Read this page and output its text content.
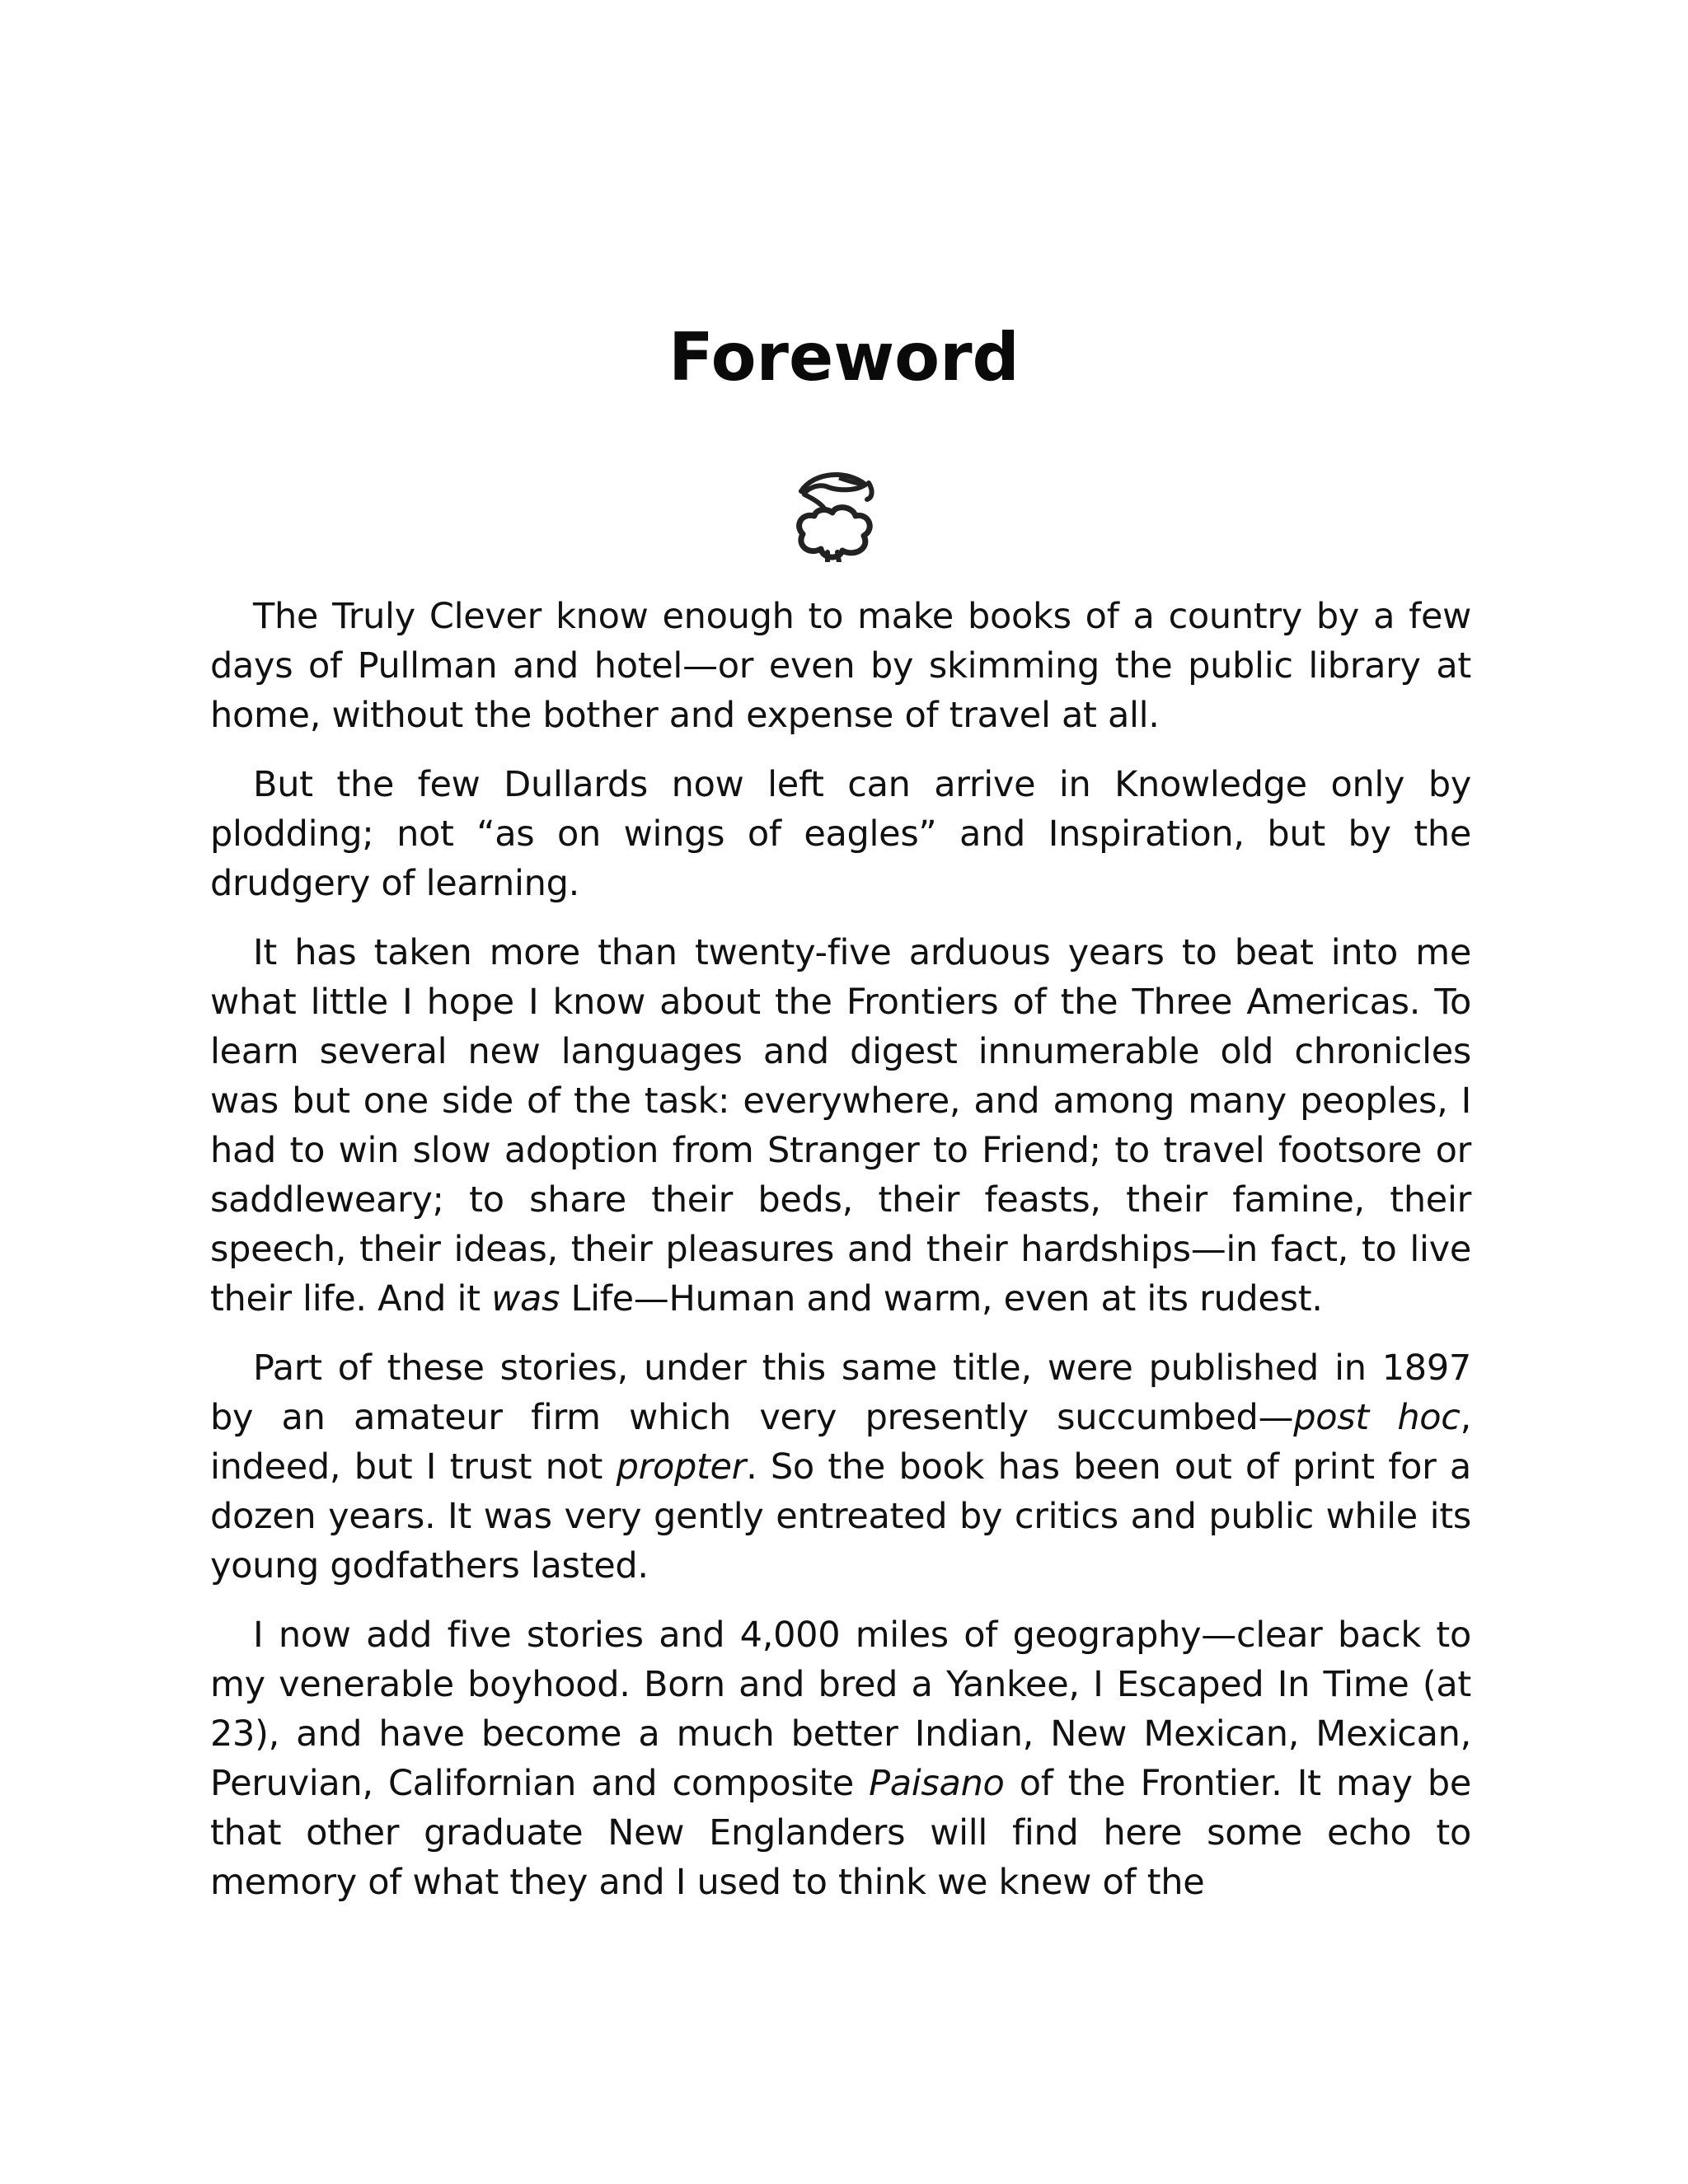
Foreword

The Truly Clever know enough to make books of a country by a few days of Pullman and hotel—or even by skimming the public library at home, without the bother and expense of travel at all.

But the few Dullards now left can arrive in Knowledge only by plodding; not “as on wings of eagles” and Inspiration, but by the drudgery of learning.

It has taken more than twenty-five arduous years to beat into me what little I hope I know about the Frontiers of the Three Americas. To learn several new languages and digest innumerable old chronicles was but one side of the task: everywhere, and among many peoples, I had to win slow adoption from Stranger to Friend; to travel footsore or saddleweary; to share their beds, their feasts, their famine, their speech, their ideas, their pleasures and their hardships—in fact, to live their life. And it was Life—Human and warm, even at its rudest.

Part of these stories, under this same title, were published in 1897 by an amateur firm which very presently succumbed—post hoc, indeed, but I trust not propter. So the book has been out of print for a dozen years. It was very gently entreated by critics and public while its young godfathers lasted.

I now add five stories and 4,000 miles of geography—clear back to my venerable boyhood. Born and bred a Yankee, I Escaped In Time (at 23), and have become a much better Indian, New Mexican, Mexican, Peruvian, Californian and composite Paisano of the Frontier. It may be that other graduate New Englanders will find here some echo to memory of what they and I used to think we knew of the
